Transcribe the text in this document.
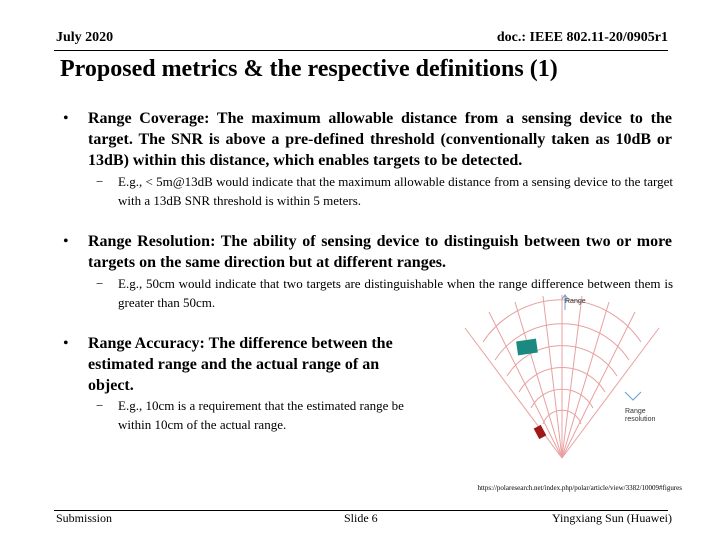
July 2020	doc.: IEEE 802.11-20/0905r1
Proposed metrics & the respective definitions (1)
• Range Coverage: The maximum allowable distance from a sensing device to the target. The SNR is above a pre-defined threshold (conventionally taken as 10dB or 13dB) within this distance, which enables targets to be detected.
− E.g., < 5m@13dB would indicate that the maximum allowable distance from a sensing device to the target with a 13dB SNR threshold is within 5 meters.
• Range Resolution: The ability of sensing device to distinguish between two or more targets on the same direction but at different ranges.
− E.g., 50cm would indicate that two targets are distinguishable when the range difference between them is greater than 50cm.
• Range Accuracy: The difference between the estimated range and the actual range of an object.
− E.g., 10cm is a requirement that the estimated range be within 10cm of the actual range.
Range
Range
resolution
https://polaresearch.net/index.php/polar/article/view/3382/10009#figures
Submission	Slide 6	Yingxiang Sun (Huawei)
